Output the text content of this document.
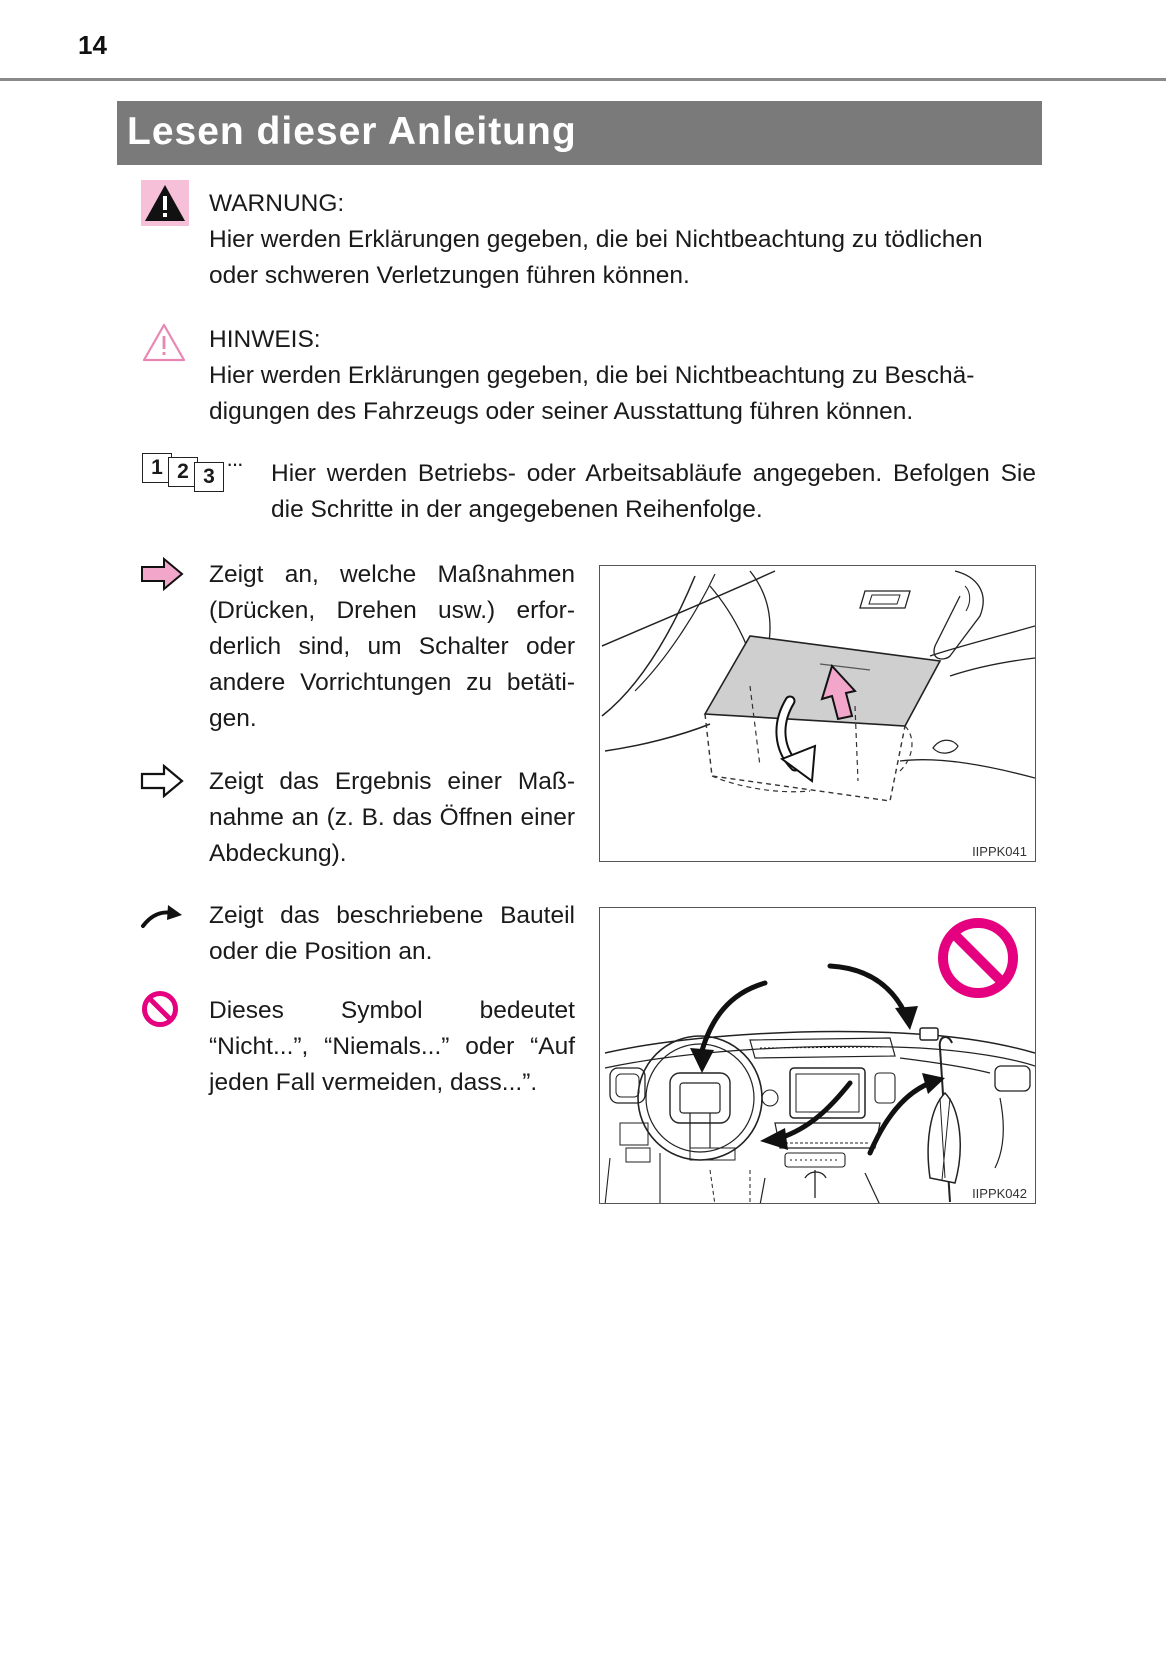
14
Lesen dieser Anleitung
WARNUNG:
Hier werden Erklärungen gegeben, die bei Nichtbeachtung zu tödlichen oder schweren Verletzungen führen können.
HINWEIS:
Hier werden Erklärungen gegeben, die bei Nichtbeachtung zu Beschä-digungen des Fahrzeugs oder seiner Ausstattung führen können.
1 2 3
··· Hier werden Betriebs- oder Arbeitsabläufe angegeben. Befolgen Sie die Schritte in der angegebenen Reihenfolge.
Zeigt an, welche Maßnahmen (Drücken, Drehen usw.) erfor-derlich sind, um Schalter oder andere Vorrichtungen zu betäti-gen.
Zeigt das Ergebnis einer Maß-nahme an (z. B. das Öffnen einer Abdeckung).
Zeigt das beschriebene Bauteil oder die Position an.
Dieses Symbol bedeutet “Nicht...”, “Niemals...” oder “Auf jeden Fall vermeiden, dass...”.
IIPPK041
IIPPK042
